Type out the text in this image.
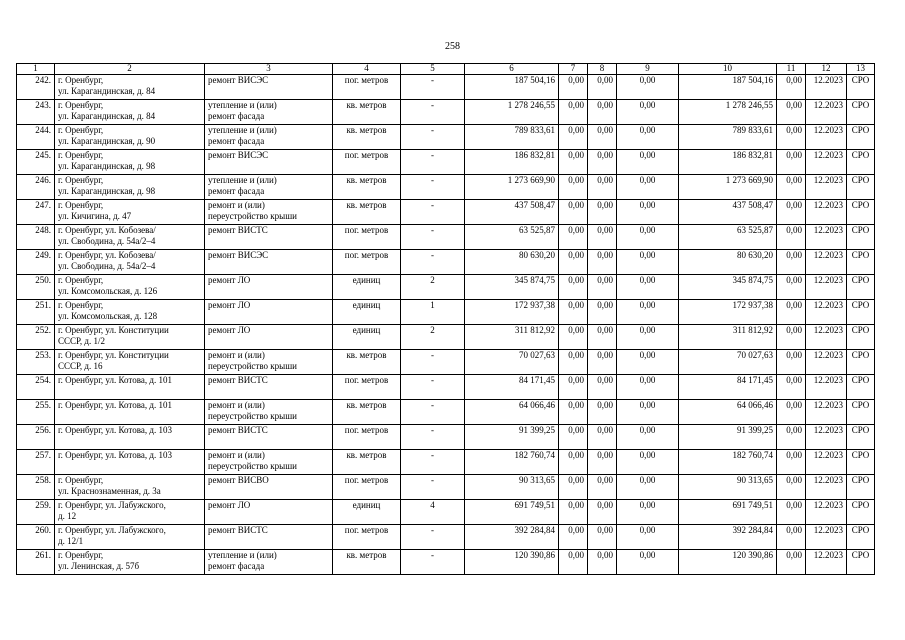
258
1	2	3	4	5	6	7	8	9	10	11	12	13
242.	г. Оренбург,
ул. Карагандинская, д. 84	ремонт ВИСЭС	пог. метров	-	187 504,16	0,00	0,00	0,00	187 504,16	0,00	12.2023	СРО
243.	г. Оренбург,
ул. Карагандинская, д. 84	утепление и (или)
ремонт фасада	кв. метров	-	1 278 246,55	0,00	0,00	0,00	1 278 246,55	0,00	12.2023	СРО
244.	г. Оренбург,
ул. Карагандинская, д. 90	утепление и (или)
ремонт фасада	кв. метров	-	789 833,61	0,00	0,00	0,00	789 833,61	0,00	12.2023	СРО
245.	г. Оренбург,
ул. Карагандинская, д. 98	ремонт ВИСЭС	пог. метров	-	186 832,81	0,00	0,00	0,00	186 832,81	0,00	12.2023	СРО
246.	г. Оренбург,
ул. Карагандинская, д. 98	утепление и (или)
ремонт фасада	кв. метров	-	1 273 669,90	0,00	0,00	0,00	1 273 669,90	0,00	12.2023	СРО
247.	г. Оренбург,
ул. Кичигина, д. 47	ремонт и (или)
переустройство крыши	кв. метров	-	437 508,47	0,00	0,00	0,00	437 508,47	0,00	12.2023	СРО
248.	г. Оренбург, ул. Кобозева/
ул. Свободина, д. 54а/2–4	ремонт ВИСТС	пог. метров	-	63 525,87	0,00	0,00	0,00	63 525,87	0,00	12.2023	СРО
249.	г. Оренбург, ул. Кобозева/
ул. Свободина, д. 54а/2–4	ремонт ВИСЭС	пог. метров	-	80 630,20	0,00	0,00	0,00	80 630,20	0,00	12.2023	СРО
250.	г. Оренбург,
ул. Комсомольская, д. 126	ремонт ЛО	единиц	2	345 874,75	0,00	0,00	0,00	345 874,75	0,00	12.2023	СРО
251.	г. Оренбург,
ул. Комсомольская, д. 128	ремонт ЛО	единиц	1	172 937,38	0,00	0,00	0,00	172 937,38	0,00	12.2023	СРО
252.	г. Оренбург, ул. Конституции
СССР, д. 1/2	ремонт ЛО	единиц	2	311 812,92	0,00	0,00	0,00	311 812,92	0,00	12.2023	СРО
253.	г. Оренбург, ул. Конституции
СССР, д. 16	ремонт и (или)
переустройство крыши	кв. метров	-	70 027,63	0,00	0,00	0,00	70 027,63	0,00	12.2023	СРО
254.	г. Оренбург, ул. Котова, д. 101	ремонт ВИСТС	пог. метров	-	84 171,45	0,00	0,00	0,00	84 171,45	0,00	12.2023	СРО
255.	г. Оренбург, ул. Котова, д. 101	ремонт и (или)
переустройство крыши	кв. метров	-	64 066,46	0,00	0,00	0,00	64 066,46	0,00	12.2023	СРО
256.	г. Оренбург, ул. Котова, д. 103	ремонт ВИСТС	пог. метров	-	91 399,25	0,00	0,00	0,00	91 399,25	0,00	12.2023	СРО
257.	г. Оренбург, ул. Котова, д. 103	ремонт и (или)
переустройство крыши	кв. метров	-	182 760,74	0,00	0,00	0,00	182 760,74	0,00	12.2023	СРО
258.	г. Оренбург,
ул. Краснознаменная, д. 3а	ремонт ВИСВО	пог. метров	-	90 313,65	0,00	0,00	0,00	90 313,65	0,00	12.2023	СРО
259.	г. Оренбург, ул. Лабужского,
д. 12	ремонт ЛО	единиц	4	691 749,51	0,00	0,00	0,00	691 749,51	0,00	12.2023	СРО
260.	г. Оренбург, ул. Лабужского,
д. 12/1	ремонт ВИСТС	пог. метров	-	392 284,84	0,00	0,00	0,00	392 284,84	0,00	12.2023	СРО
261.	г. Оренбург,
ул. Ленинская, д. 57б	утепление и (или)
ремонт фасада	кв. метров	-	120 390,86	0,00	0,00	0,00	120 390,86	0,00	12.2023	СРО
